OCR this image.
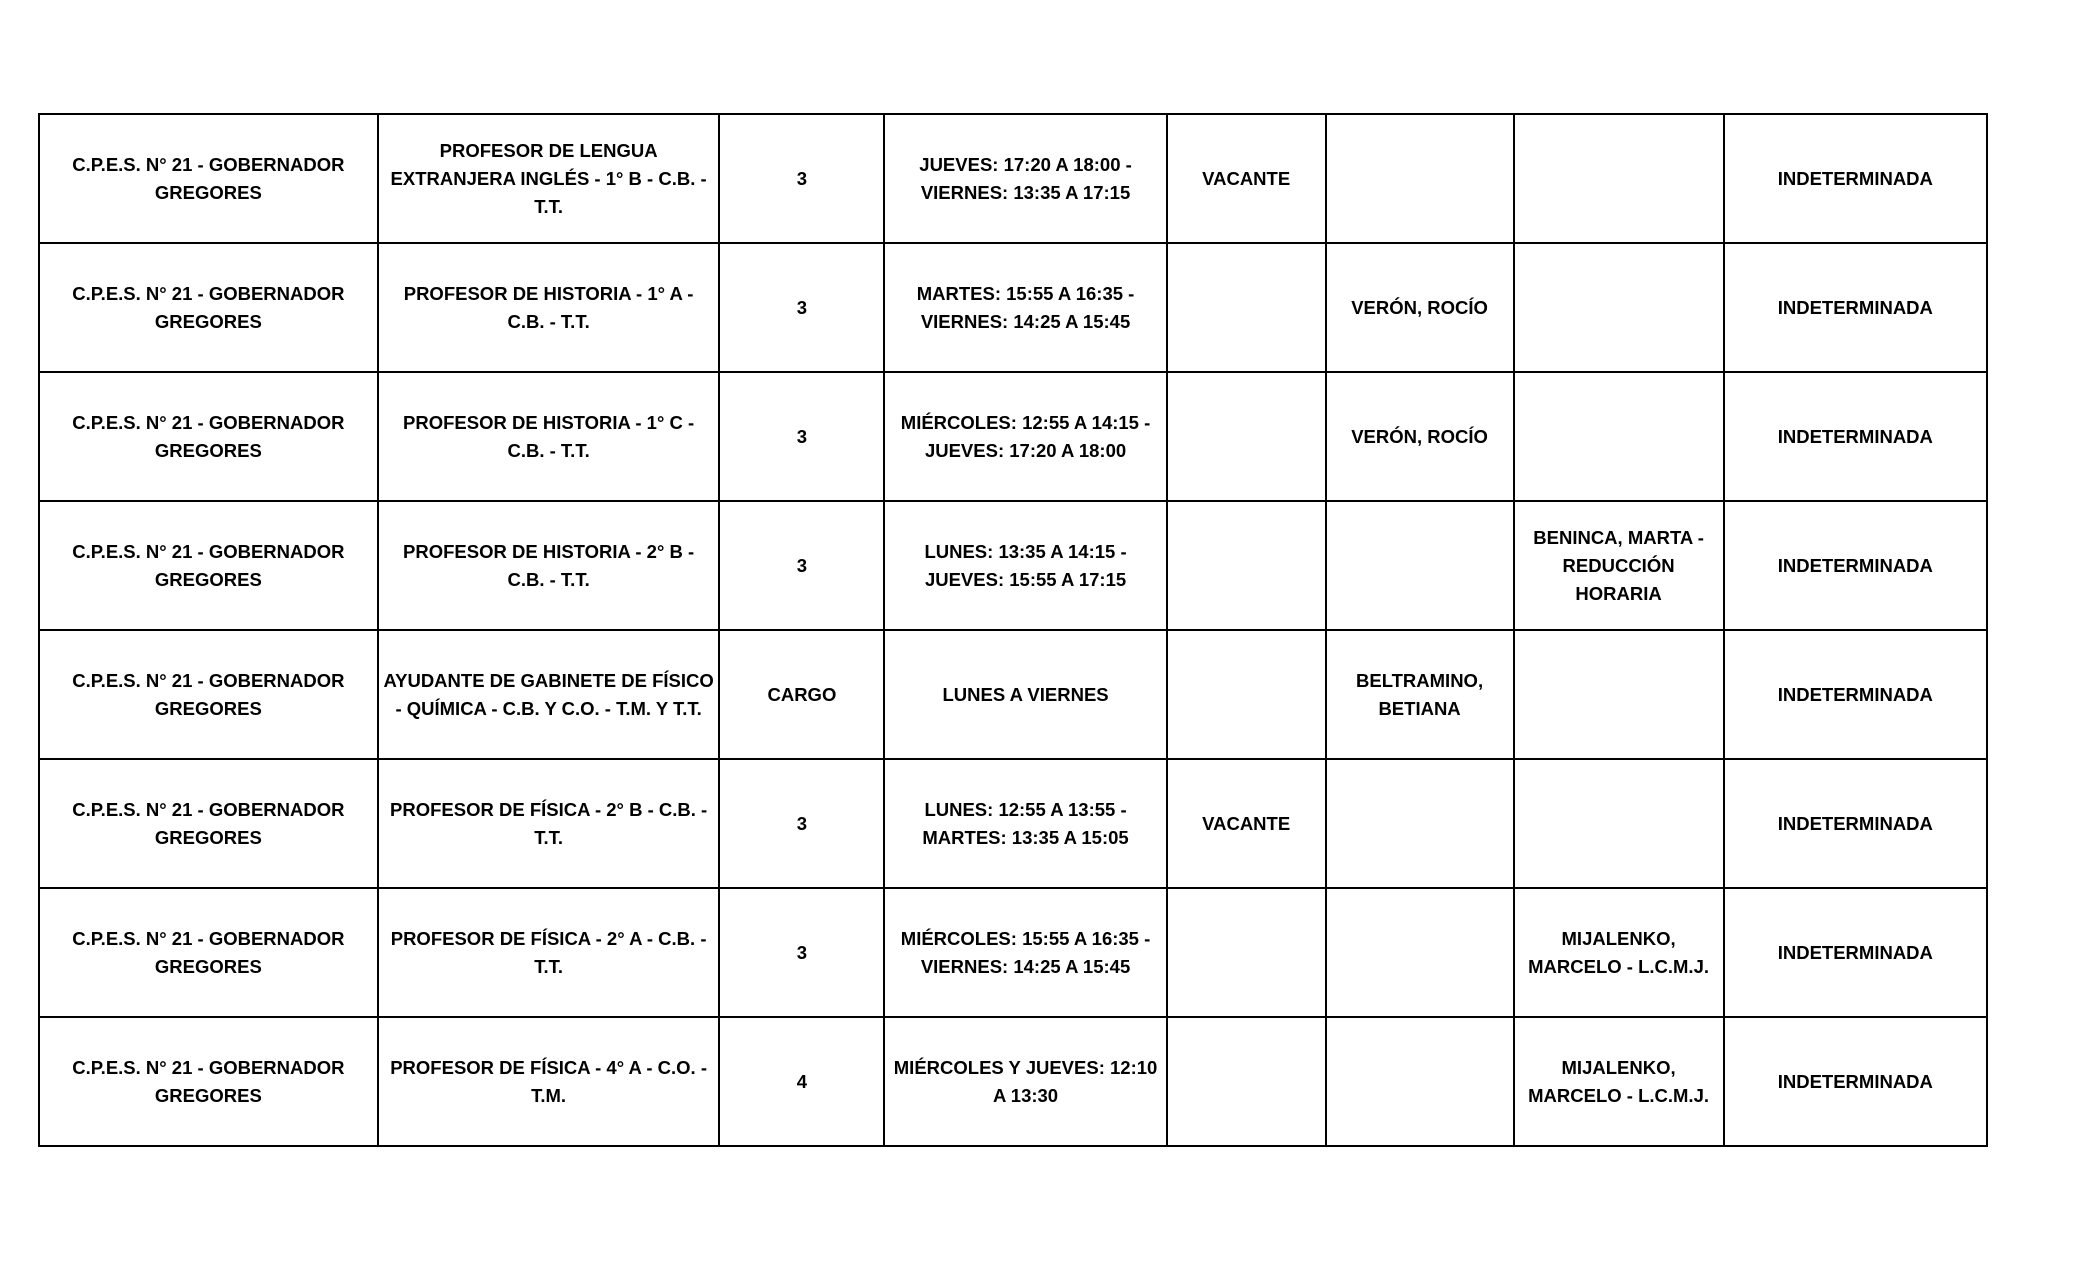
C.P.E.S. N° 21 - GOBERNADOR GREGORES	PROFESOR DE LENGUA EXTRANJERA INGLÉS - 1° B - C.B. - T.T.	3	JUEVES: 17:20 A 18:00 - VIERNES: 13:35 A 17:15	VACANTE			INDETERMINADA
C.P.E.S. N° 21 - GOBERNADOR GREGORES	PROFESOR DE HISTORIA - 1° A - C.B. - T.T.	3	MARTES: 15:55 A 16:35 - VIERNES: 14:25 A 15:45		VERÓN, ROCÍO		INDETERMINADA
C.P.E.S. N° 21 - GOBERNADOR GREGORES	PROFESOR DE HISTORIA - 1° C - C.B. - T.T.	3	MIÉRCOLES: 12:55 A 14:15 - JUEVES: 17:20 A 18:00		VERÓN, ROCÍO		INDETERMINADA
C.P.E.S. N° 21 - GOBERNADOR GREGORES	PROFESOR DE HISTORIA - 2° B - C.B. - T.T.	3	LUNES: 13:35 A 14:15 - JUEVES: 15:55 A 17:15			BENINCA, MARTA - REDUCCIÓN HORARIA	INDETERMINADA
C.P.E.S. N° 21 - GOBERNADOR GREGORES	AYUDANTE DE GABINETE DE FÍSICO - QUÍMICA - C.B. Y C.O. - T.M. Y T.T.	CARGO	LUNES A VIERNES		BELTRAMINO, BETIANA		INDETERMINADA
C.P.E.S. N° 21 - GOBERNADOR GREGORES	PROFESOR DE FÍSICA - 2° B - C.B. - T.T.	3	LUNES: 12:55 A 13:55 - MARTES: 13:35 A 15:05	VACANTE			INDETERMINADA
C.P.E.S. N° 21 - GOBERNADOR GREGORES	PROFESOR DE FÍSICA - 2° A - C.B. - T.T.	3	MIÉRCOLES: 15:55 A 16:35 - VIERNES: 14:25 A 15:45			MIJALENKO, MARCELO - L.C.M.J.	INDETERMINADA
C.P.E.S. N° 21 - GOBERNADOR GREGORES	PROFESOR DE FÍSICA - 4° A - C.O. - T.M.	4	MIÉRCOLES Y JUEVES: 12:10 A 13:30			MIJALENKO, MARCELO - L.C.M.J.	INDETERMINADA
